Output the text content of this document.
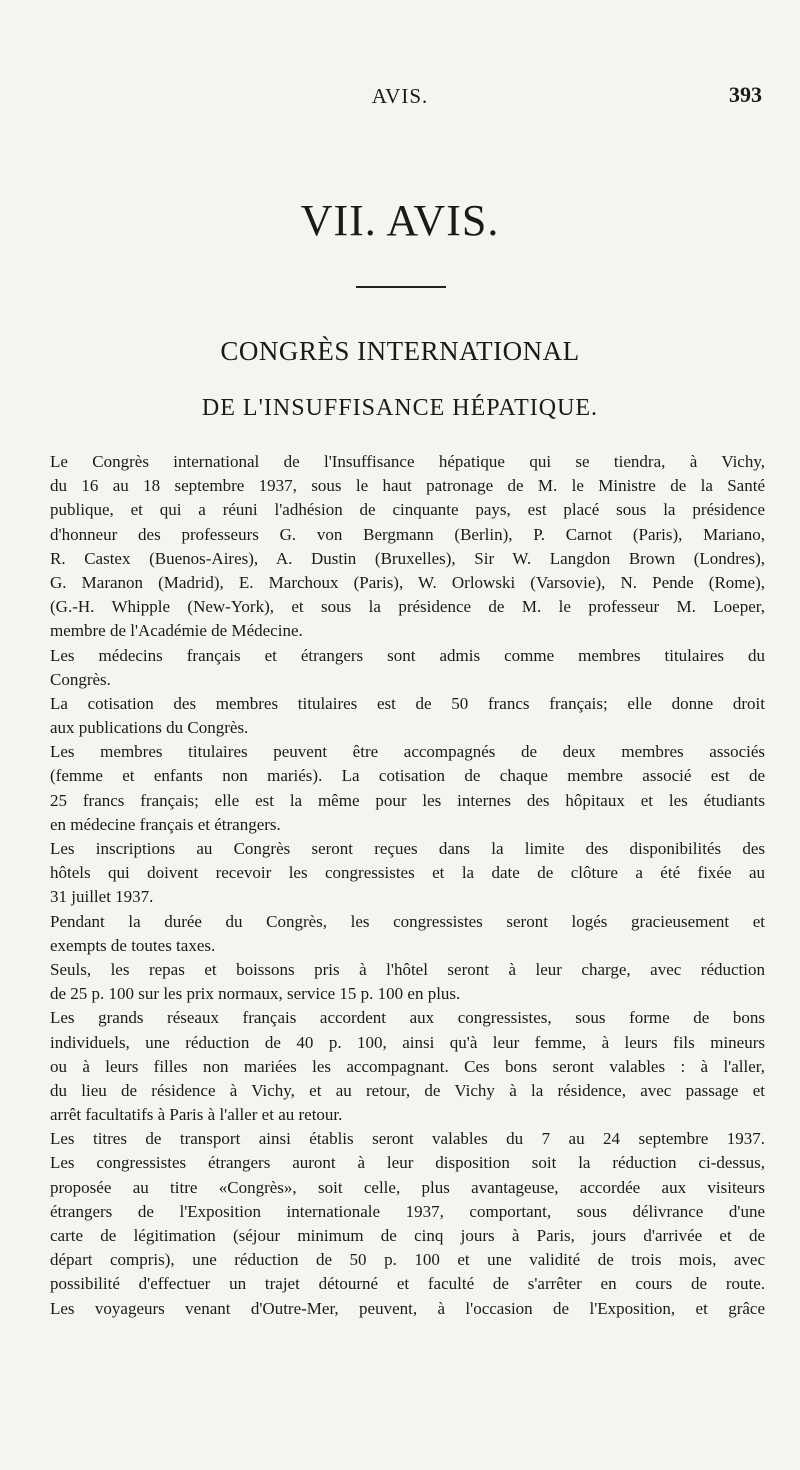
AVIS.	393
VII. AVIS.
CONGRÈS INTERNATIONAL
DE L'INSUFFISANCE HÉPATIQUE.
Le Congrès international de l'Insuffisance hépatique qui se tiendra, à Vichy,
du 16 au 18 septembre 1937, sous le haut patronage de M. le Ministre de la Santé
publique, et qui a réuni l'adhésion de cinquante pays, est placé sous la présidence
d'honneur des professeurs G. von Bergmann (Berlin), P. Carnot (Paris), Mariano,
R. Castex (Buenos-Aires), A. Dustin (Bruxelles), Sir W. Langdon Brown (Londres),
G. Maranon (Madrid), E. Marchoux (Paris), W. Orlowski (Varsovie), N. Pende (Rome),
(G.-H. Whipple (New-York), et sous la présidence de M. le professeur M. Loeper,
membre de l'Académie de Médecine.
Les médecins français et étrangers sont admis comme membres titulaires du
Congrès.
La cotisation des membres titulaires est de 50 francs français; elle donne droit
aux publications du Congrès.
Les membres titulaires peuvent être accompagnés de deux membres associés
(femme et enfants non mariés). La cotisation de chaque membre associé est de
25 francs français; elle est la même pour les internes des hôpitaux et les étudiants
en médecine français et étrangers.
Les inscriptions au Congrès seront reçues dans la limite des disponibilités des
hôtels qui doivent recevoir les congressistes et la date de clôture a été fixée au
31 juillet 1937.
Pendant la durée du Congrès, les congressistes seront logés gracieusement et
exempts de toutes taxes.
Seuls, les repas et boissons pris à l'hôtel seront à leur charge, avec réduction
de 25 p. 100 sur les prix normaux, service 15 p. 100 en plus.
Les grands réseaux français accordent aux congressistes, sous forme de bons
individuels, une réduction de 40 p. 100, ainsi qu'à leur femme, à leurs fils mineurs
ou à leurs filles non mariées les accompagnant. Ces bons seront valables : à l'aller,
du lieu de résidence à Vichy, et au retour, de Vichy à la résidence, avec passage et
arrêt facultatifs à Paris à l'aller et au retour.
Les titres de transport ainsi établis seront valables du 7 au 24 septembre 1937.
Les congressistes étrangers auront à leur disposition soit la réduction ci-dessus,
proposée au titre «Congrès», soit celle, plus avantageuse, accordée aux visiteurs
étrangers de l'Exposition internationale 1937, comportant, sous délivrance d'une
carte de légitimation (séjour minimum de cinq jours à Paris, jours d'arrivée et de
départ compris), une réduction de 50 p. 100 et une validité de trois mois, avec
possibilité d'effectuer un trajet détourné et faculté de s'arrêter en cours de route.
Les voyageurs venant d'Outre-Mer, peuvent, à l'occasion de l'Exposition, et grâce
